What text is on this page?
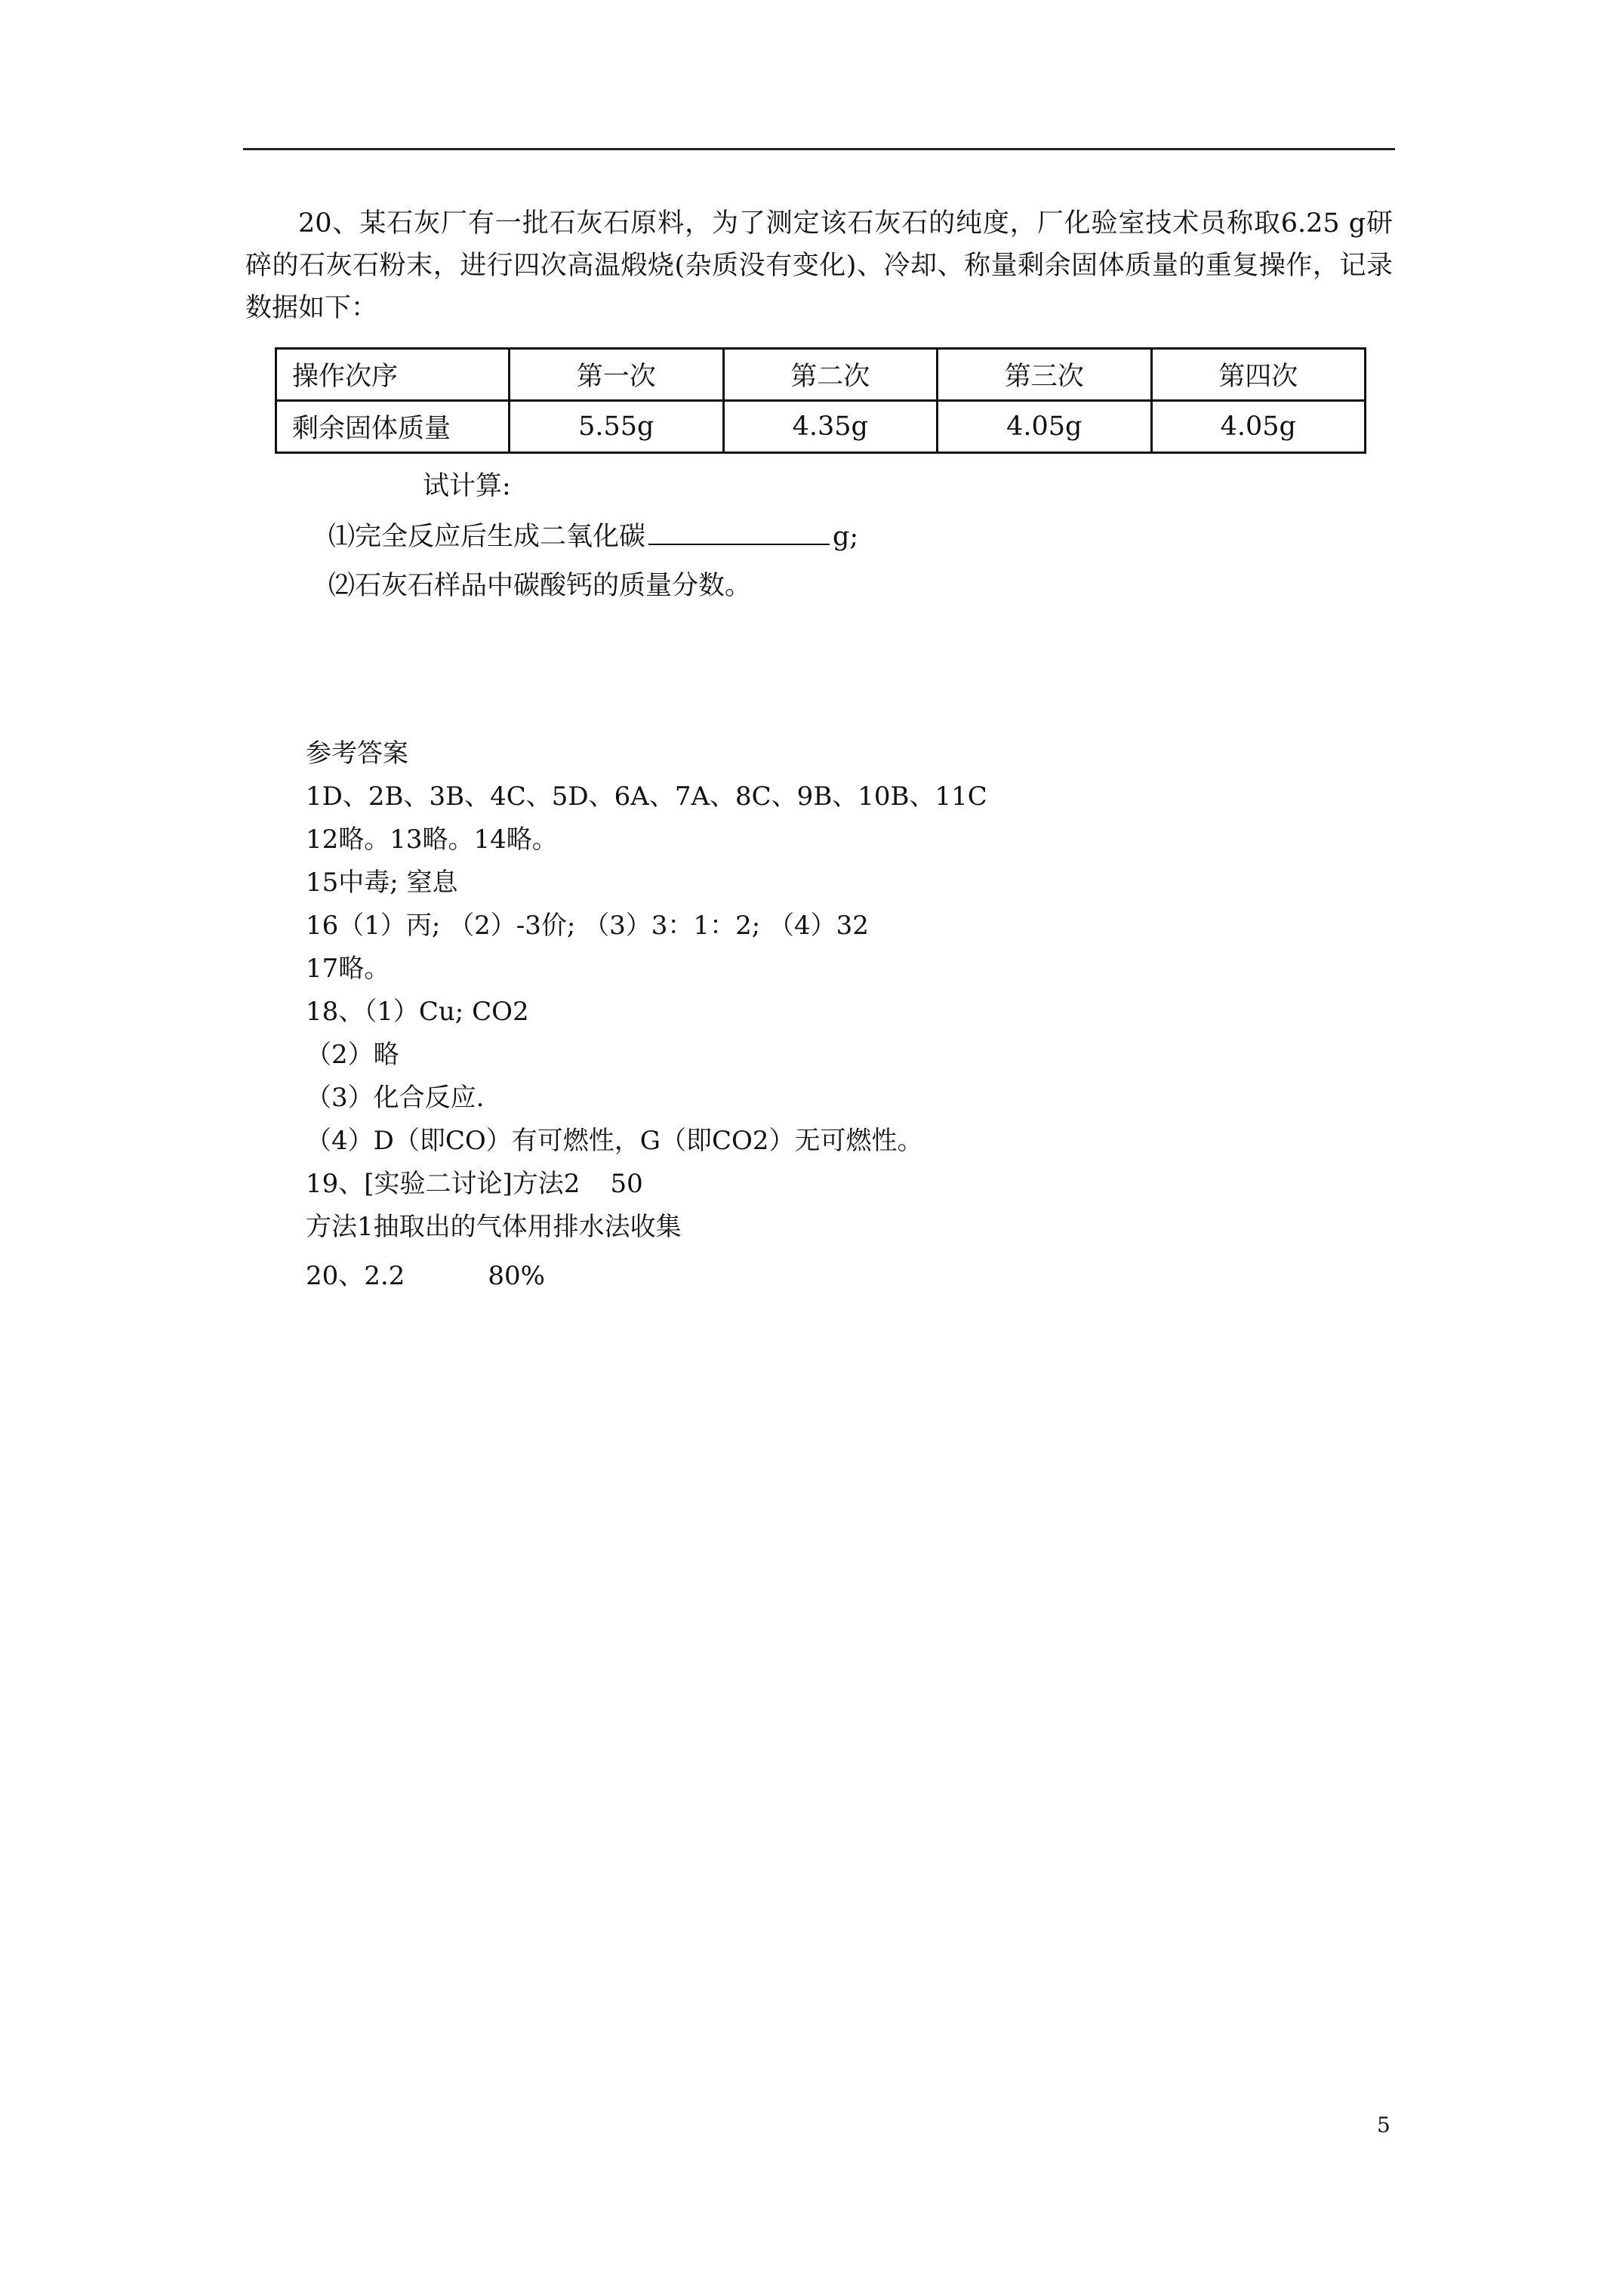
20、某石灰厂有一批石灰石原料，为了测定该石灰石的纯度，厂化验室技术员称取6.25 g研碎的石灰石粉末，进行四次高温煅烧(杂质没有变化)、冷却、称量剩余固体质量的重复操作，记录数据如下：
操作次序	第一次	第二次	第三次	第四次
剩余固体质量	5.55g	4.35g	4.05g	4.05g
试计算:
⑴完全反应后生成二氧化碳	g;
⑵石灰石样品中碳酸钙的质量分数。
参考答案
1D、2B、3B、4C、5D、6A、7A、8C、9B、10B、11C
12略。13略。14略。
15中毒; 窒息
16（1）丙; （2）-3价; （3）3：1：2; （4）32
17略。
18、（1）Cu; CO2
（2）略
（3）化合反应.
（4）D（即CO）有可燃性，G（即CO2）无可燃性。
19、[实验二讨论]方法2 50
方法1抽取出的气体用排水法收集
20、2.2	80%
5
